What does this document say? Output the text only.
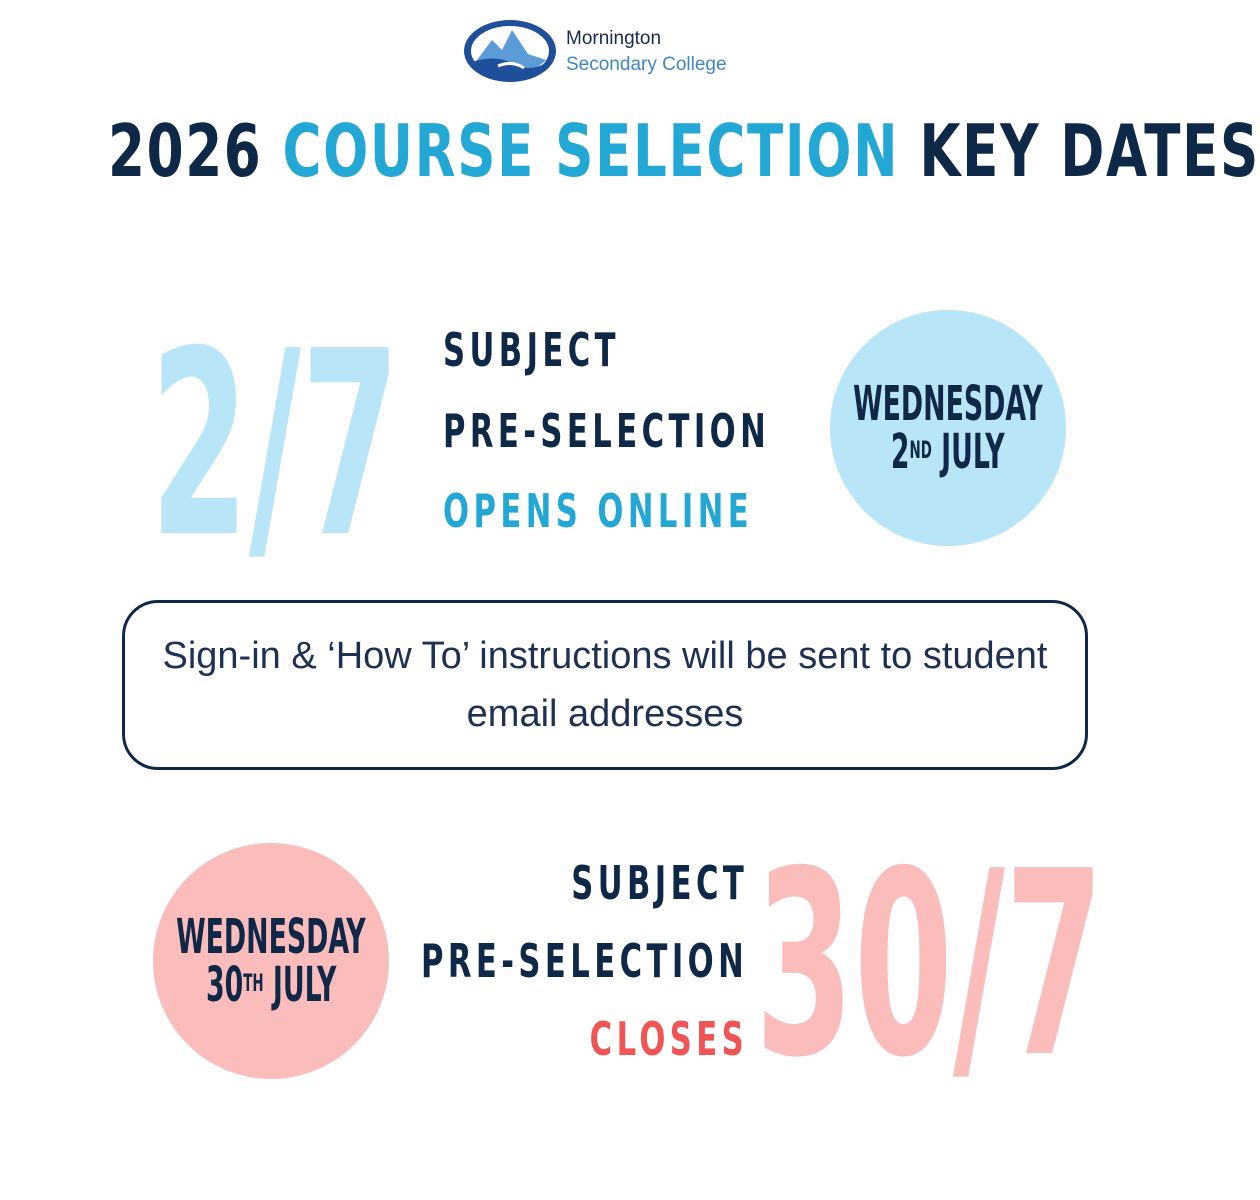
Mornington
Secondary College
2026 COURSE SELECTION KEY DATES
2/7 SUBJECT
PRE-SELECTION
OPENS ONLINE
WEDNESDAY
2ND JULY
Sign-in & ‘How To’ instructions will be sent to student email addresses
WEDNESDAY
30TH JULY
SUBJECT
PRE-SELECTION
CLOSES 30/7
